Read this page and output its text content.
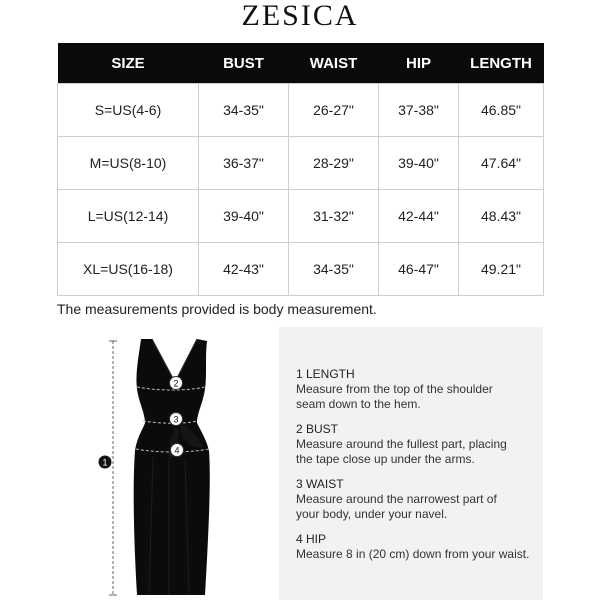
ZESICA
SIZE	BUST	WAIST	HIP	LENGTH
S=US(4-6)	34-35"	26-27"	37-38"	46.85"
M=US(8-10)	36-37"	28-29"	39-40"	47.64"
L=US(12-14)	39-40"	31-32"	42-44"	48.43"
XL=US(16-18)	42-43"	34-35"	46-47"	49.21"
The measurements provided is body measurement.
1
2
3
4
1 LENGTH
Measure from the top of the shoulder
seam down to the hem.
2 BUST
Measure around the fullest part, placing
the tape close up under the arms.
3 WAIST
Measure around the narrowest part of
your body, under your navel.
4 HIP
Measure 8 in (20 cm) down from your waist.
